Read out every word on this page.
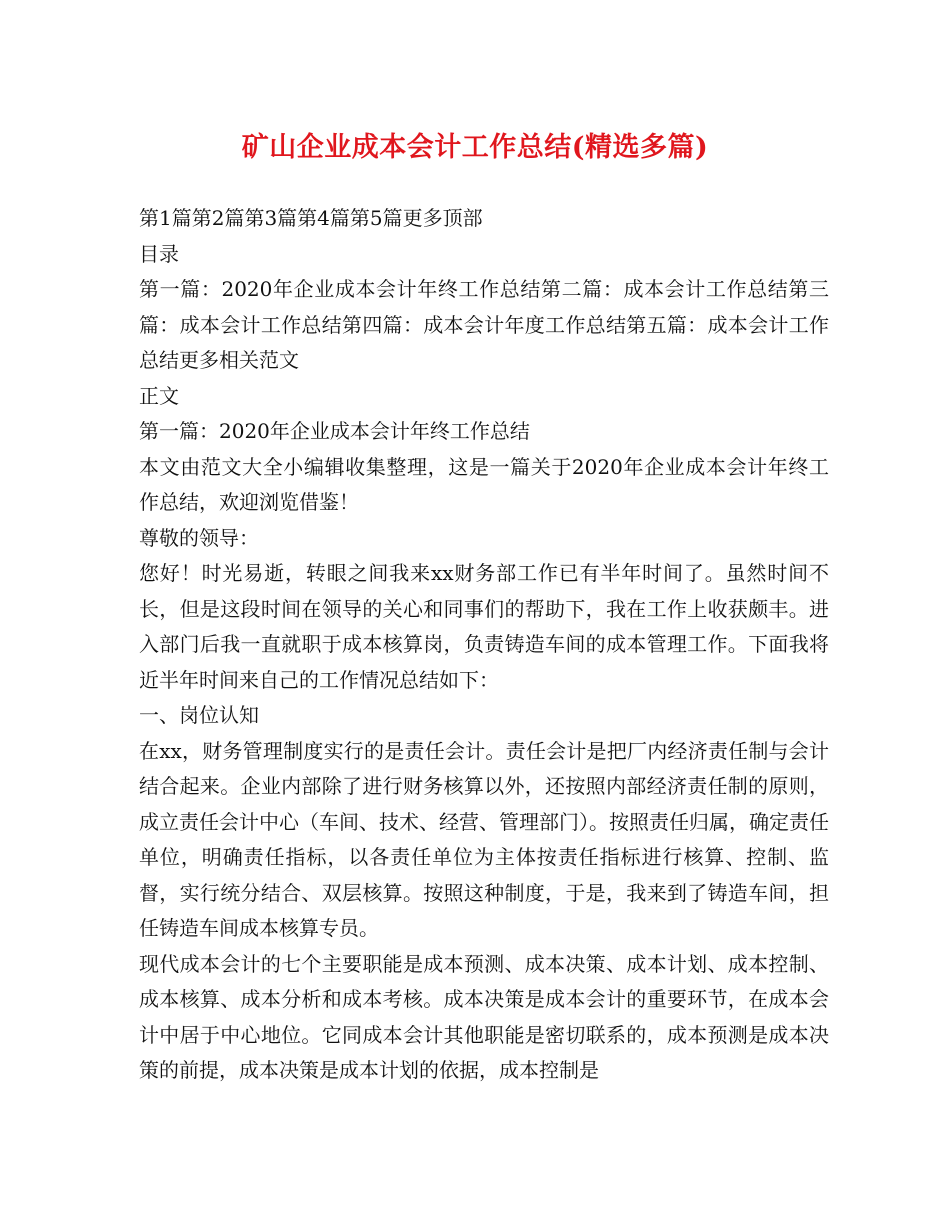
矿山企业成本会计工作总结(精选多篇)

第1篇第2篇第3篇第4篇第5篇更多顶部

目录

第一篇：2020年企业成本会计年终工作总结第二篇：成本会计工作总结第三篇：成本会计工作总结第四篇：成本会计年度工作总结第五篇：成本会计工作总结更多相关范文

正文

第一篇：2020年企业成本会计年终工作总结

本文由范文大全小编辑收集整理，这是一篇关于2020年企业成本会计年终工作总结，欢迎浏览借鉴！

尊敬的领导：

您好！时光易逝，转眼之间我来xx财务部工作已有半年时间了。虽然时间不长，但是这段时间在领导的关心和同事们的帮助下，我在工作上收获颇丰。进入部门后我一直就职于成本核算岗，负责铸造车间的成本管理工作。下面我将近半年时间来自己的工作情况总结如下：

一、岗位认知

在xx，财务管理制度实行的是责任会计。责任会计是把厂内经济责任制与会计结合起来。企业内部除了进行财务核算以外，还按照内部经济责任制的原则，成立责任会计中心（车间、技术、经营、管理部门）。按照责任归属，确定责任单位，明确责任指标，以各责任单位为主体按责任指标进行核算、控制、监督，实行统分结合、双层核算。按照这种制度，于是，我来到了铸造车间，担任铸造车间成本核算专员。

现代成本会计的七个主要职能是成本预测、成本决策、成本计划、成本控制、成本核算、成本分析和成本考核。成本决策是成本会计的重要环节，在成本会计中居于中心地位。它同成本会计其他职能是密切联系的，成本预测是成本决策的前提，成本决策是成本计划的依据，成本控制是
